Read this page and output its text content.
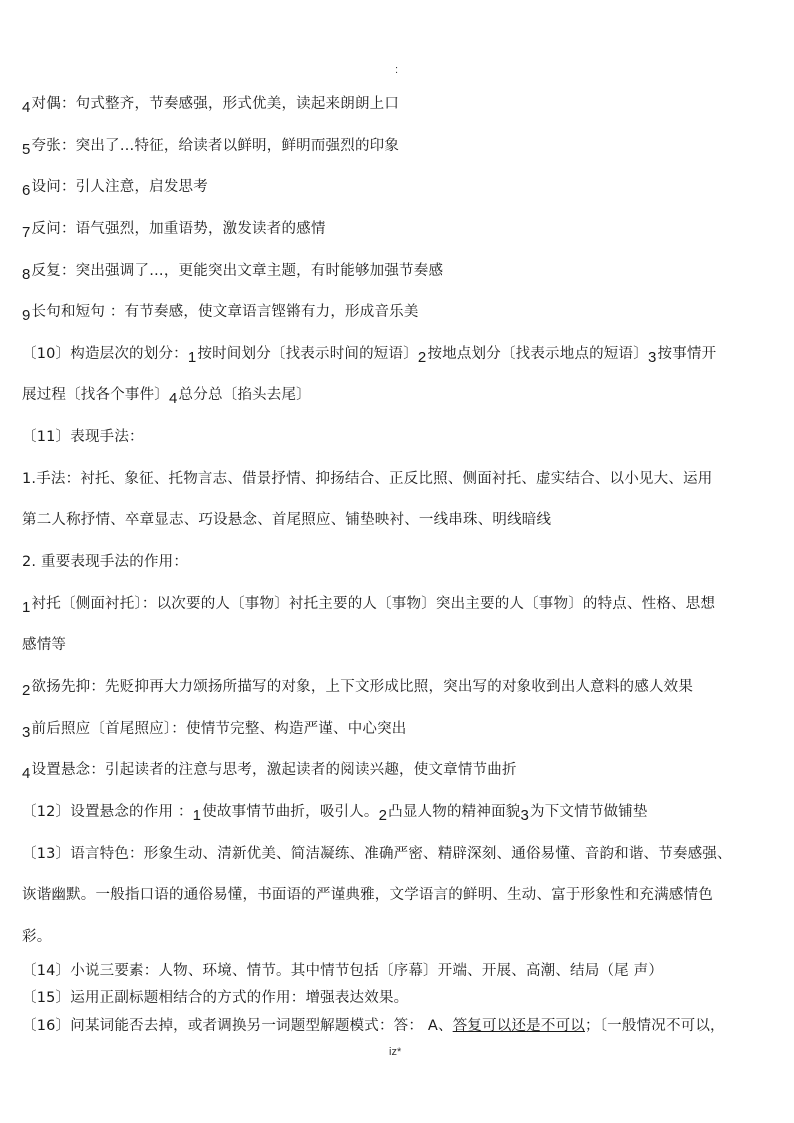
:
4对偶：句式整齐，节奏感强，形式优美，读起来朗朗上口
5夸张：突出了…特征，给读者以鲜明，鲜明而强烈的印象
6设问：引人注意，启发思考
7反问：语气强烈，加重语势，激发读者的感情
8反复：突出强调了…，更能突出文章主题，有时能够加强节奏感
9长句和短句 ：有节奏感，使文章语言铿锵有力，形成音乐美
〔10〕构造层次的划分：1按时间划分〔找表示时间的短语〕2按地点划分〔找表示地点的短语〕3按事情开
展过程〔找各个事件〕4总分总〔掐头去尾〕
〔11〕表现手法：
1.手法：衬托、象征、托物言志、借景抒情、抑扬结合、正反比照、侧面衬托、虚实结合、以小见大、运用
第二人称抒情、卒章显志、巧设悬念、首尾照应、铺垫映衬、一线串珠、明线暗线
2. 重要表现手法的作用：
1衬托〔侧面衬托〕：以次要的人〔事物〕衬托主要的人〔事物〕突出主要的人〔事物〕的特点、性格、思想
感情等
2欲扬先抑：先贬抑再大力颂扬所描写的对象，上下文形成比照，突出写的对象收到出人意料的感人效果
3前后照应〔首尾照应〕：使情节完整、构造严谨、中心突出
4设置悬念：引起读者的注意与思考，激起读者的阅读兴趣，使文章情节曲折
〔12〕设置悬念的作用 ：1使故事情节曲折，吸引人。2凸显人物的精神面貌3为下文情节做铺垫
〔13〕语言特色：形象生动、清新优美、简洁凝练、准确严密、精辟深刻、通俗易懂、音韵和谐、节奏感强、
诙谐幽默。一般指口语的通俗易懂，书面语的严谨典雅，文学语言的鲜明、生动、富于形象性和充满感情色
彩。
〔14〕小说三要素：人物、环境、情节。其中情节包括〔序幕〕开端、开展、高潮、结局（尾 声）
〔15〕运用正副标题相结合的方式的作用：增强表达效果。
〔16〕问某词能否去掉，或者调换另一词题型解题模式：答： A、答复可以还是不可以；〔一般情况不可以，
iz*
